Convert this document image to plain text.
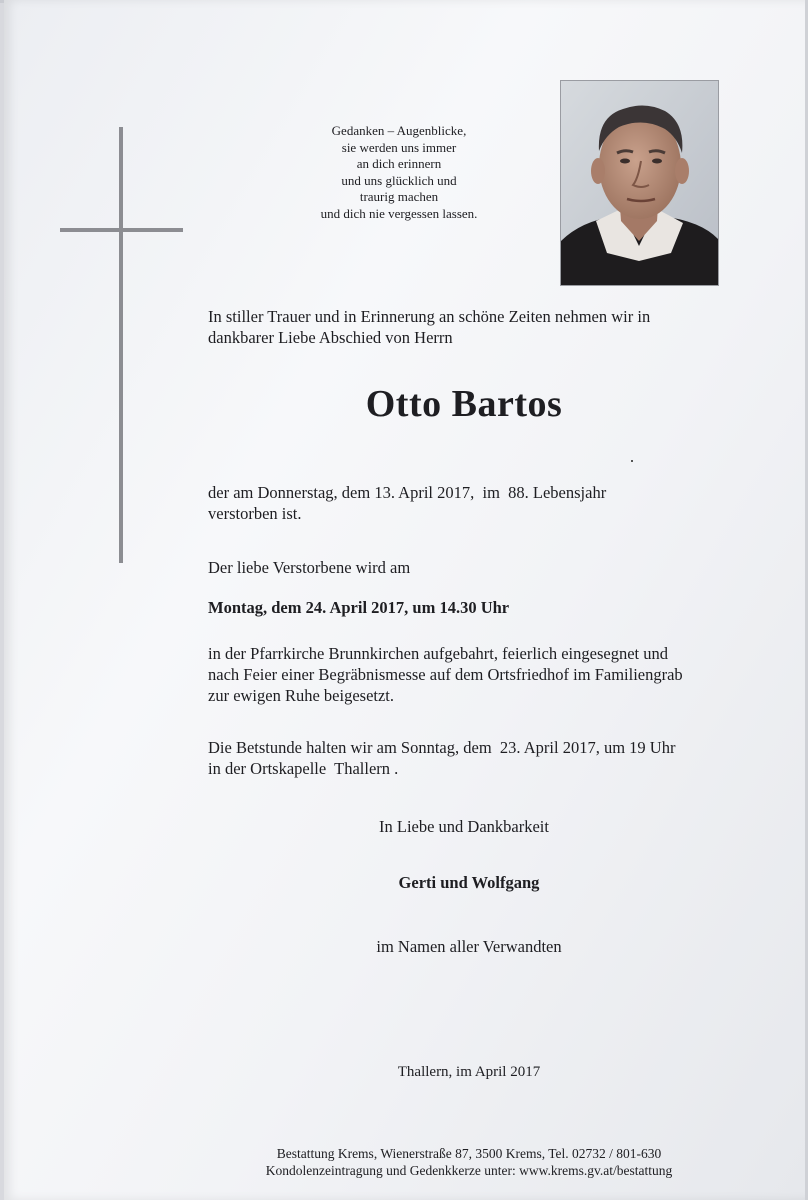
Gedanken – Augenblicke,
sie werden uns immer
an dich erinnern
und uns glücklich und
traurig machen
und dich nie vergessen lassen.
In stiller Trauer und in Erinnerung an schöne Zeiten nehmen wir in
dankbarer Liebe Abschied von Herrn
Otto Bartos
der am Donnerstag, dem 13. April 2017,  im  88. Lebensjahr
verstorben ist.
Der liebe Verstorbene wird am
Montag, dem 24. April 2017, um 14.30 Uhr
in der Pfarrkirche Brunnkirchen aufgebahrt, feierlich eingesegnet und
nach Feier einer Begräbnismesse auf dem Ortsfriedhof im Familiengrab
zur ewigen Ruhe beigesetzt.
Die Betstunde halten wir am Sonntag, dem  23. April 2017, um 19 Uhr
in der Ortskapelle  Thallern .
In Liebe und Dankbarkeit
Gerti und Wolfgang
im Namen aller Verwandten
Thallern, im April 2017
Bestattung Krems, Wienerstraße 87, 3500 Krems, Tel. 02732 / 801-630
Kondolenzeintragung und Gedenkkerze unter: www.krems.gv.at/bestattung
